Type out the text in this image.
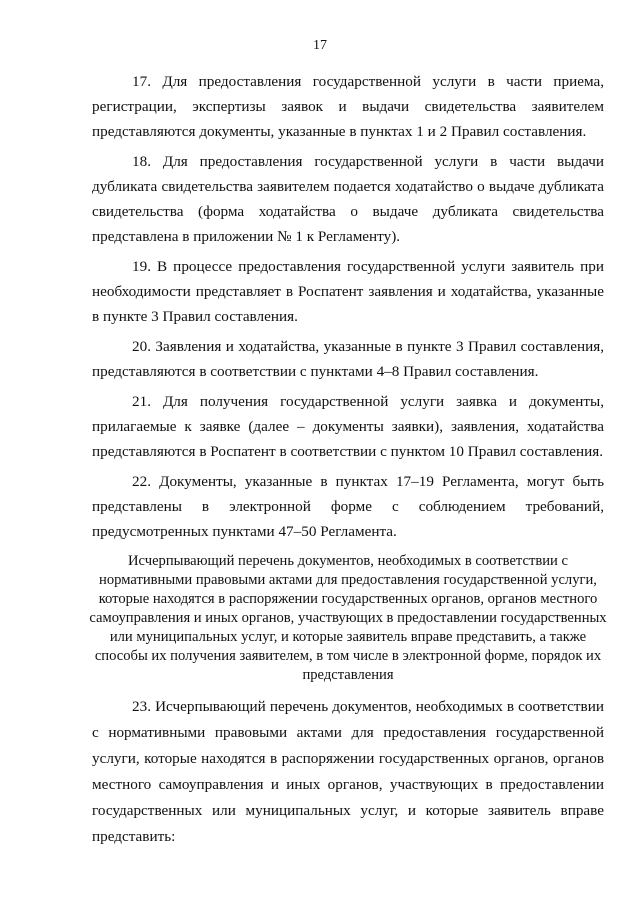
17

17. Для предоставления государственной услуги в части приема, регистрации, экспертизы заявок и выдачи свидетельства заявителем представляются документы, указанные в пунктах 1 и 2 Правил составления.

18. Для предоставления государственной услуги в части выдачи дубликата свидетельства заявителем подается ходатайство о выдаче дубликата свидетельства (форма ходатайства о выдаче дубликата свидетельства представлена в приложении № 1 к Регламенту).

19. В процессе предоставления государственной услуги заявитель при необходимости представляет в Роспатент заявления и ходатайства, указанные в пункте 3 Правил составления.

20. Заявления и ходатайства, указанные в пункте 3 Правил составления, представляются в соответствии с пунктами 4–8 Правил составления.

21. Для получения государственной услуги заявка и документы, прилагаемые к заявке (далее – документы заявки), заявления, ходатайства представляются в Роспатент в соответствии с пунктом 10 Правил составления.

22. Документы, указанные в пунктах 17–19 Регламента, могут быть представлены в электронной форме с соблюдением требований, предусмотренных пунктами 47–50 Регламента.

Исчерпывающий перечень документов, необходимых в соответствии с нормативными правовыми актами для предоставления государственной услуги, которые находятся в распоряжении государственных органов, органов местного самоуправления и иных органов, участвующих в предоставлении государственных или муниципальных услуг, и которые заявитель вправе представить, а также способы их получения заявителем, в том числе в электронной форме, порядок их представления

23. Исчерпывающий перечень документов, необходимых в соответствии с нормативными правовыми актами для предоставления государственной услуги, которые находятся в распоряжении государственных органов, органов местного самоуправления и иных органов, участвующих в предоставлении государственных или муниципальных услуг, и которые заявитель вправе представить:
